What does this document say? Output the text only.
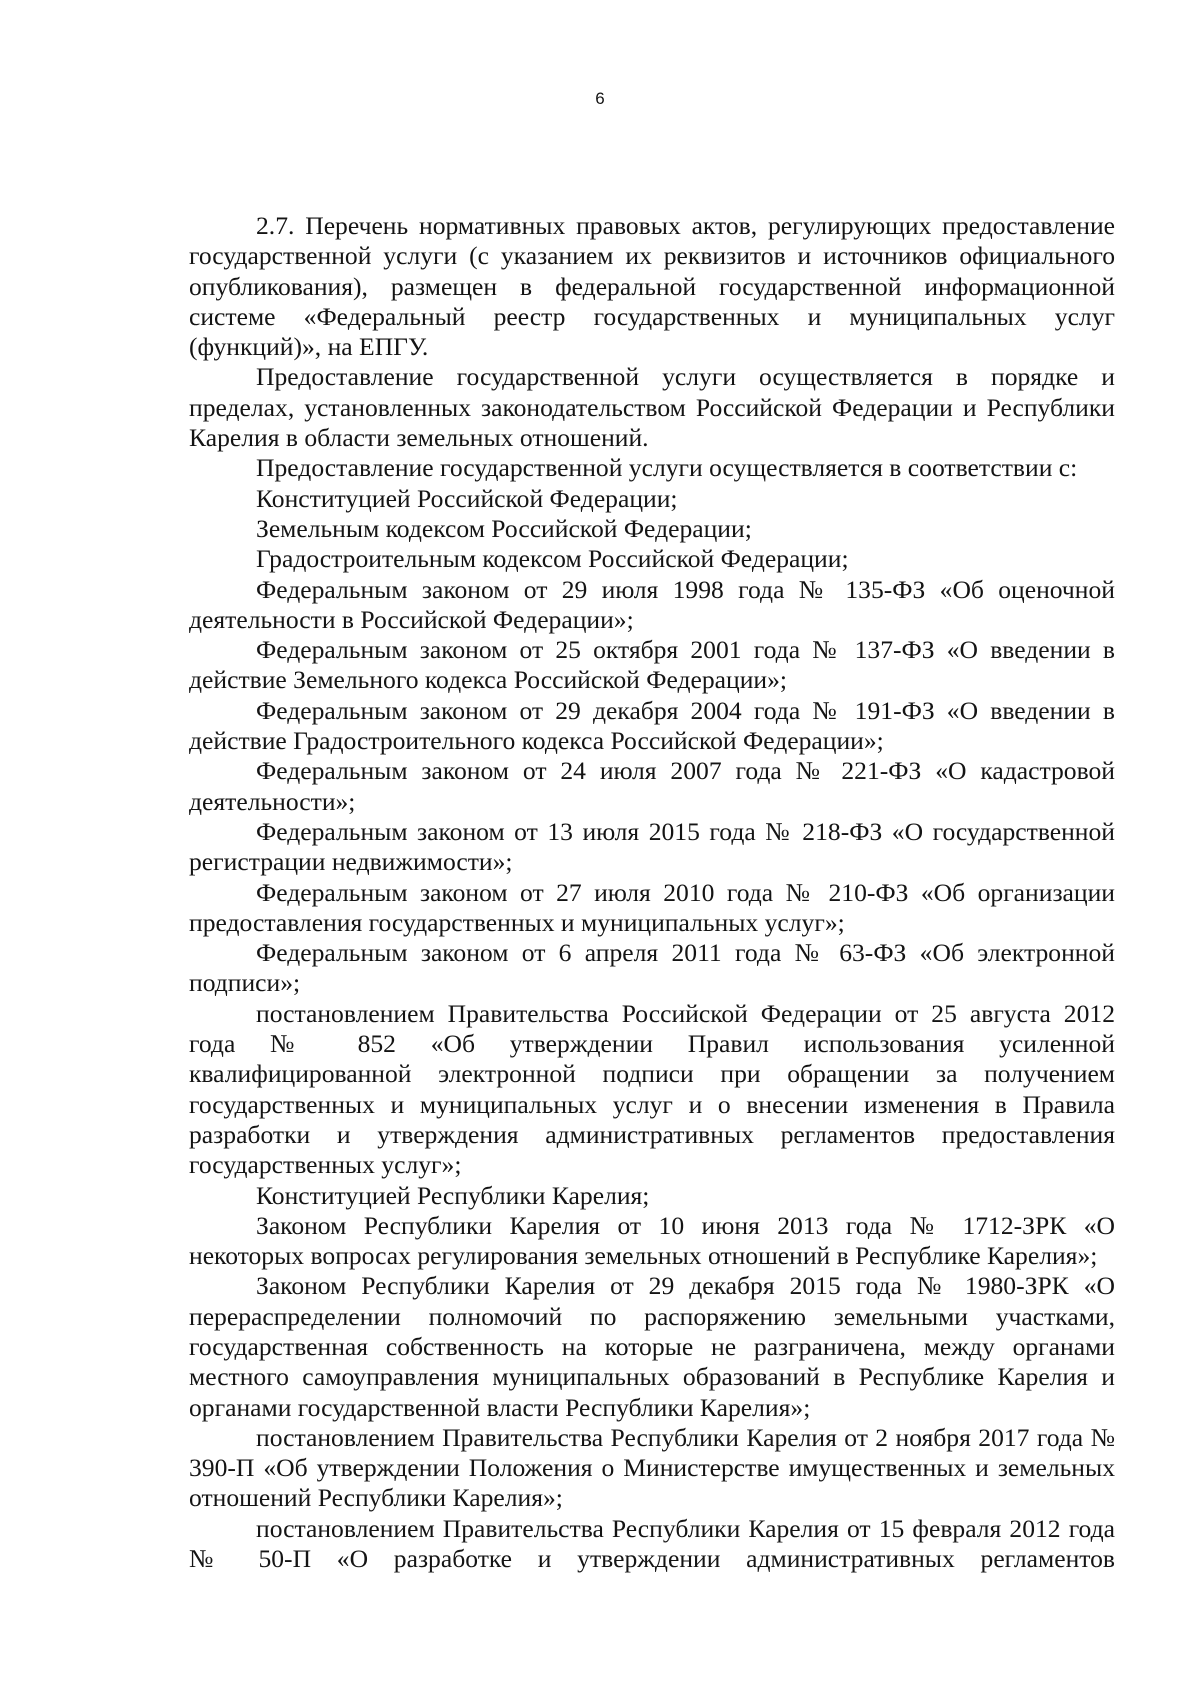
6

2.7. Перечень нормативных правовых актов, регулирующих предоставление государственной услуги (с указанием их реквизитов и источников официального опубликования), размещен в федеральной государственной информационной системе «Федеральный реестр государственных и муниципальных услуг (функций)», на ЕПГУ.

Предоставление государственной услуги осуществляется в порядке и пределах, установленных законодательством Российской Федерации и Республики Карелия в области земельных отношений.

Предоставление государственной услуги осуществляется в соответствии с:

Конституцией Российской Федерации;

Земельным кодексом Российской Федерации;

Градостроительным кодексом Российской Федерации;

Федеральным законом от 29 июля 1998 года № 135-ФЗ «Об оценочной деятельности в Российской Федерации»;

Федеральным законом от 25 октября 2001 года № 137-ФЗ «О введении в действие Земельного кодекса Российской Федерации»;

Федеральным законом от 29 декабря 2004 года № 191-ФЗ «О введении в действие Градостроительного кодекса Российской Федерации»;

Федеральным законом от 24 июля 2007 года № 221-ФЗ «О кадастровой деятельности»;

Федеральным законом от 13 июля 2015 года № 218-ФЗ «О государственной регистрации недвижимости»;

Федеральным законом от 27 июля 2010 года № 210-ФЗ «Об организации предоставления государственных и муниципальных услуг»;

Федеральным законом от 6 апреля 2011 года № 63-ФЗ «Об электронной подписи»;

постановлением Правительства Российской Федерации от 25 августа 2012 года № 852 «Об утверждении Правил использования усиленной квалифицированной электронной подписи при обращении за получением государственных и муниципальных услуг и о внесении изменения в Правила разработки и утверждения административных регламентов предоставления государственных услуг»;

Конституцией Республики Карелия;

Законом Республики Карелия от 10 июня 2013 года № 1712-ЗРК «О некоторых вопросах регулирования земельных отношений в Республике Карелия»;

Законом Республики Карелия от 29 декабря 2015 года № 1980-ЗРК «О перераспределении полномочий по распоряжению земельными участками, государственная собственность на которые не разграничена, между органами местного самоуправления муниципальных образований в Республике Карелия и органами государственной власти Республики Карелия»;

постановлением Правительства Республики Карелия от 2 ноября 2017 года № 390-П «Об утверждении Положения о Министерстве имущественных и земельных отношений Республики Карелия»;

постановлением Правительства Республики Карелия от 15 февраля 2012 года № 50-П «О разработке и утверждении административных регламентов
